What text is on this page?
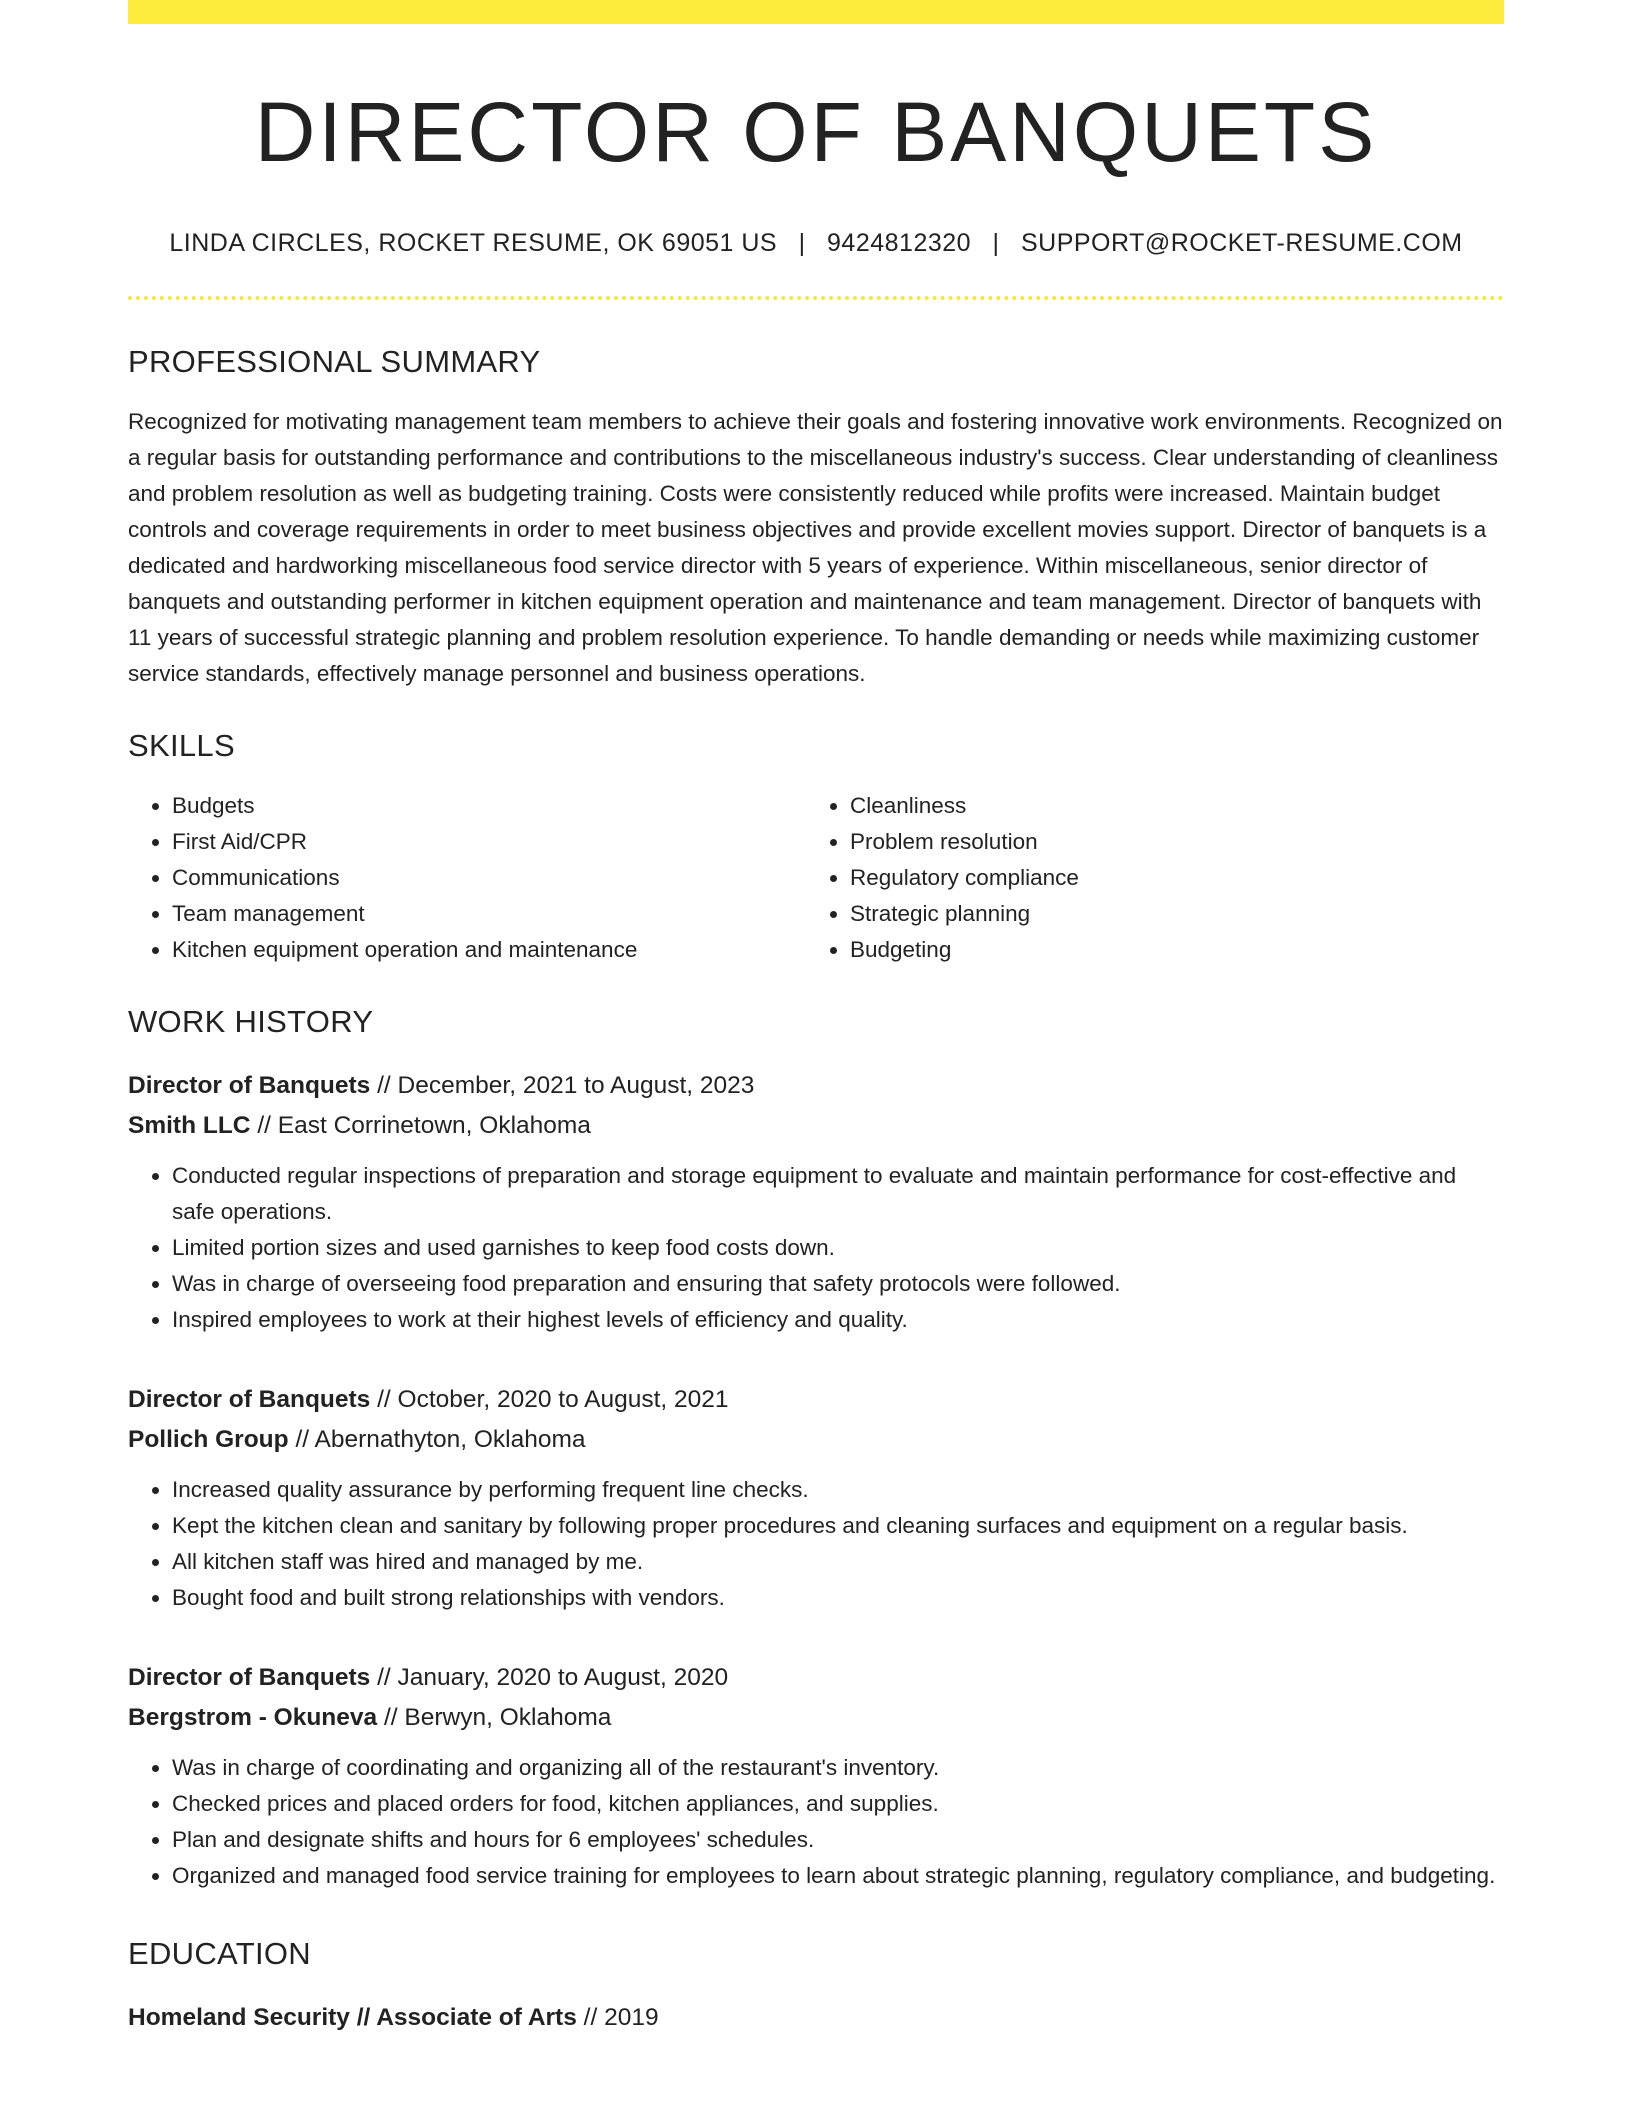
DIRECTOR OF BANQUETS
LINDA CIRCLES, ROCKET RESUME, OK 69051 US | 9424812320 | SUPPORT@ROCKET-RESUME.COM
PROFESSIONAL SUMMARY

Recognized for motivating management team members to achieve their goals and fostering innovative work environments. Recognized on a regular basis for outstanding performance and contributions to the miscellaneous industry's success. Clear understanding of cleanliness and problem resolution as well as budgeting training. Costs were consistently reduced while profits were increased. Maintain budget controls and coverage requirements in order to meet business objectives and provide excellent movies support. Director of banquets is a dedicated and hardworking miscellaneous food service director with 5 years of experience. Within miscellaneous, senior director of banquets and outstanding performer in kitchen equipment operation and maintenance and team management. Director of banquets with 11 years of successful strategic planning and problem resolution experience. To handle demanding or needs while maximizing customer service standards, effectively manage personnel and business operations.

SKILLS
• Budgets
• First Aid/CPR
• Communications
• Team management
• Kitchen equipment operation and maintenance
• Cleanliness
• Problem resolution
• Regulatory compliance
• Strategic planning
• Budgeting
WORK HISTORY
Director of Banquets // December, 2021 to August, 2023
Smith LLC // East Corrinetown, Oklahoma
• Conducted regular inspections of preparation and storage equipment to evaluate and maintain performance for cost-effective and safe operations.
• Limited portion sizes and used garnishes to keep food costs down.
• Was in charge of overseeing food preparation and ensuring that safety protocols were followed.
• Inspired employees to work at their highest levels of efficiency and quality.
Director of Banquets // October, 2020 to August, 2021
Pollich Group // Abernathyton, Oklahoma
• Increased quality assurance by performing frequent line checks.
• Kept the kitchen clean and sanitary by following proper procedures and cleaning surfaces and equipment on a regular basis.
• All kitchen staff was hired and managed by me.
• Bought food and built strong relationships with vendors.
Director of Banquets // January, 2020 to August, 2020
Bergstrom - Okuneva // Berwyn, Oklahoma
• Was in charge of coordinating and organizing all of the restaurant's inventory.
• Checked prices and placed orders for food, kitchen appliances, and supplies.
• Plan and designate shifts and hours for 6 employees' schedules.
• Organized and managed food service training for employees to learn about strategic planning, regulatory compliance, and budgeting.
EDUCATION
Homeland Security // Associate of Arts // 2019
